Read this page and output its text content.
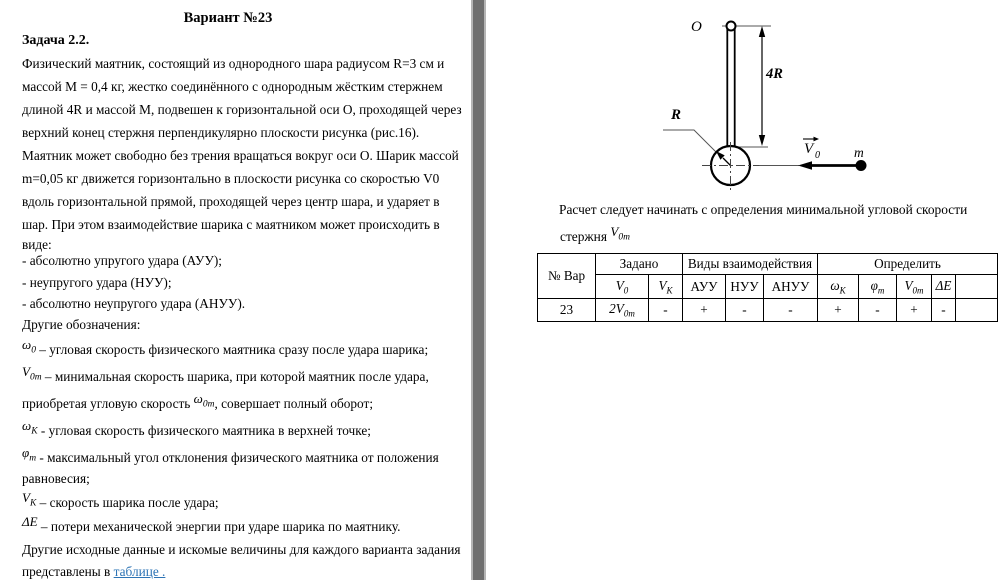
Вариант №23
Задача 2.2.
Физический маятник, состоящий из однородного шара радиусом R=3 см и
массой М = 0,4 кг, жестко соединённого с однородным жёстким стержнем
длиной 4R и массой М, подвешен к горизонтальной оси О, проходящей через
верхний конец стержня перпендикулярно плоскости рисунка (рис.16).
Маятник может свободно без трения вращаться вокруг оси О. Шарик массой
m=0,05 кг движется горизонтально в плоскости рисунка со скоростью V0
вдоль горизонтальной прямой, проходящей через центр шара, и ударяет в
шар. При этом взаимодействие шарика с маятником может происходить в
виде:
- абсолютно упругого удара (АУУ);
- неупругого удара (НУУ);
- абсолютно неупругого удара (АНУУ).
Другие обозначения:
$\omega_0$ – угловая скорость физического маятника сразу после удара шарика;
$V_{0m}$ – минимальная скорость шарика, при которой маятник после удара,
приобретая угловую скорость $\omega_{0m}$, совершает полный оборот;
$\omega_K$ - угловая скорость физического маятника в верхней точке;
$\varphi_m$ - максимальный угол отклонения физического маятника от положения
равновесия;
$V_K$ – скорость шарика после удара;
ΔE – потери механической энергии при ударе шарика по маятнику.
Другие исходные данные и искомые величины для каждого варианта задания
представлены в таблице .
O
4R
R
V 0	m
Расчет следует начинать с определения минимальной угловой скорости
стержня $V_{0m}$
№ Вар	Задано		Виды взаимодействия			Определить				
	$V_0$	$V_K$	АУУ	НУУ	АНУУ	$\omega_K$	$\varphi_m$	$V_{0m}$	ΔE	
23	$2V_{0m}$	-	+	-	-	+	-	+	-	
